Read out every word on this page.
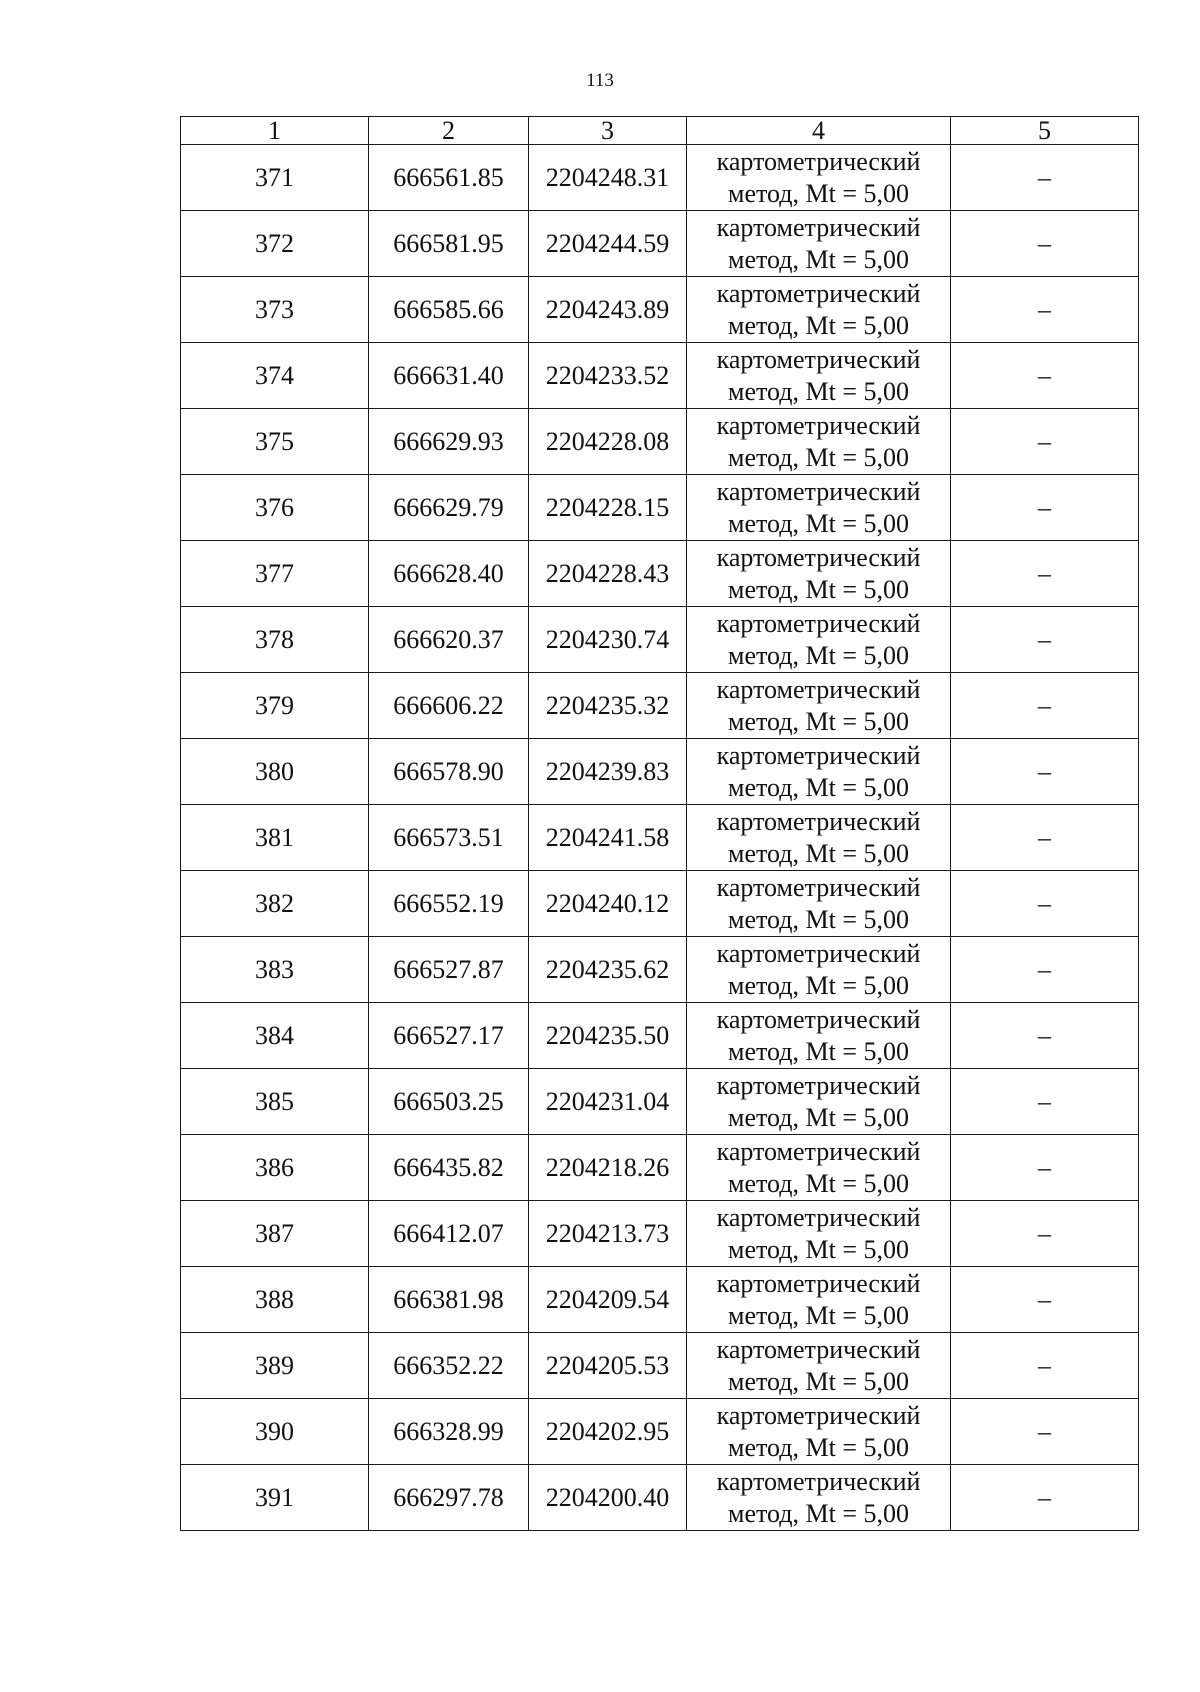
113
1	2	3	4	5
371	666561.85	2204248.31	картометрический
метод, Mt = 5,00	–
372	666581.95	2204244.59	картометрический
метод, Mt = 5,00	–
373	666585.66	2204243.89	картометрический
метод, Mt = 5,00	–
374	666631.40	2204233.52	картометрический
метод, Mt = 5,00	–
375	666629.93	2204228.08	картометрический
метод, Mt = 5,00	–
376	666629.79	2204228.15	картометрический
метод, Mt = 5,00	–
377	666628.40	2204228.43	картометрический
метод, Mt = 5,00	–
378	666620.37	2204230.74	картометрический
метод, Mt = 5,00	–
379	666606.22	2204235.32	картометрический
метод, Mt = 5,00	–
380	666578.90	2204239.83	картометрический
метод, Mt = 5,00	–
381	666573.51	2204241.58	картометрический
метод, Mt = 5,00	–
382	666552.19	2204240.12	картометрический
метод, Mt = 5,00	–
383	666527.87	2204235.62	картометрический
метод, Mt = 5,00	–
384	666527.17	2204235.50	картометрический
метод, Mt = 5,00	–
385	666503.25	2204231.04	картометрический
метод, Mt = 5,00	–
386	666435.82	2204218.26	картометрический
метод, Mt = 5,00	–
387	666412.07	2204213.73	картометрический
метод, Mt = 5,00	–
388	666381.98	2204209.54	картометрический
метод, Mt = 5,00	–
389	666352.22	2204205.53	картометрический
метод, Mt = 5,00	–
390	666328.99	2204202.95	картометрический
метод, Mt = 5,00	–
391	666297.78	2204200.40	картометрический
метод, Mt = 5,00	–
